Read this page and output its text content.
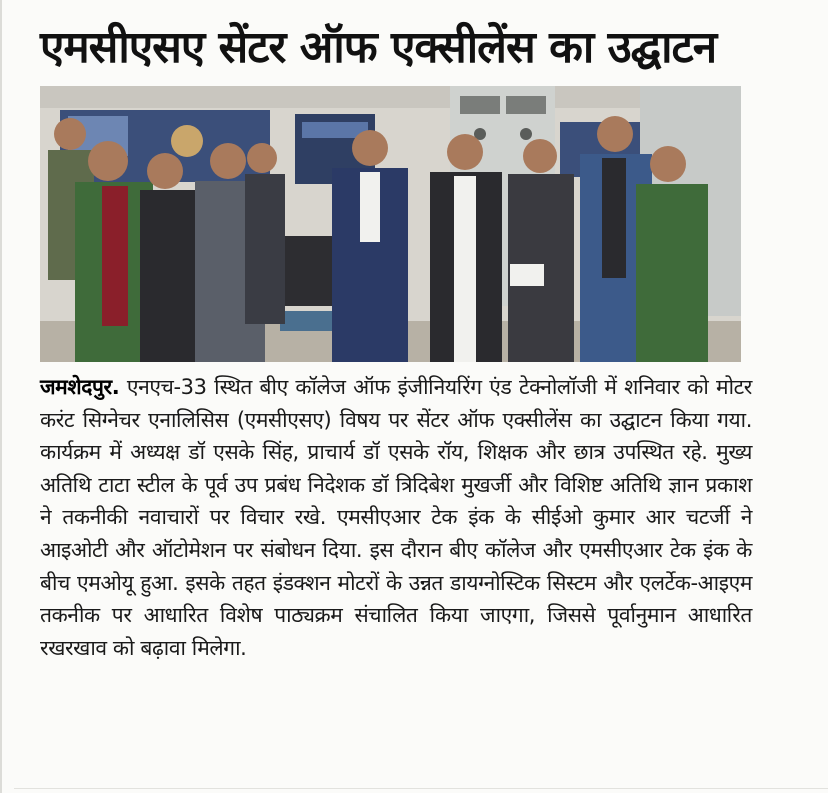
एमसीएसए सेंटर ऑफ एक्सीलेंस का उद्घाटन
जमशेदपुर. एनएच-33 स्थित बीए कॉलेज ऑफ इंजीनियरिंग एंड टेक्नोलॉजी में शनिवार को मोटर करंट सिग्नेचर एनालिसिस (एमसीएसए) विषय पर सेंटर ऑफ एक्सीलेंस का उद्घाटन किया गया. कार्यक्रम में अध्यक्ष डॉ एसके सिंह, प्राचार्य डॉ एसके रॉय, शिक्षक और छात्र उपस्थित रहे. मुख्य अतिथि टाटा स्टील के पूर्व उप प्रबंध निदेशक डॉ त्रिदिबेश मुखर्जी और विशिष्ट अतिथि ज्ञान प्रकाश ने तकनीकी नवाचारों पर विचार रखे. एमसीएआर टेक इंक के सीईओ कुमार आर चटर्जी ने आइओटी और ऑटोमेशन पर संबोधन दिया. इस दौरान बीए कॉलेज और एमसीएआर टेक इंक के बीच एमओयू हुआ. इसके तहत इंडक्शन मोटरों के उन्नत डायग्नोस्टिक सिस्टम और एलर्टेक-आइएम तकनीक पर आधारित विशेष पाठ्यक्रम संचालित किया जाएगा, जिससे पूर्वानुमान आधारित रखरखाव को बढ़ावा मिलेगा.
